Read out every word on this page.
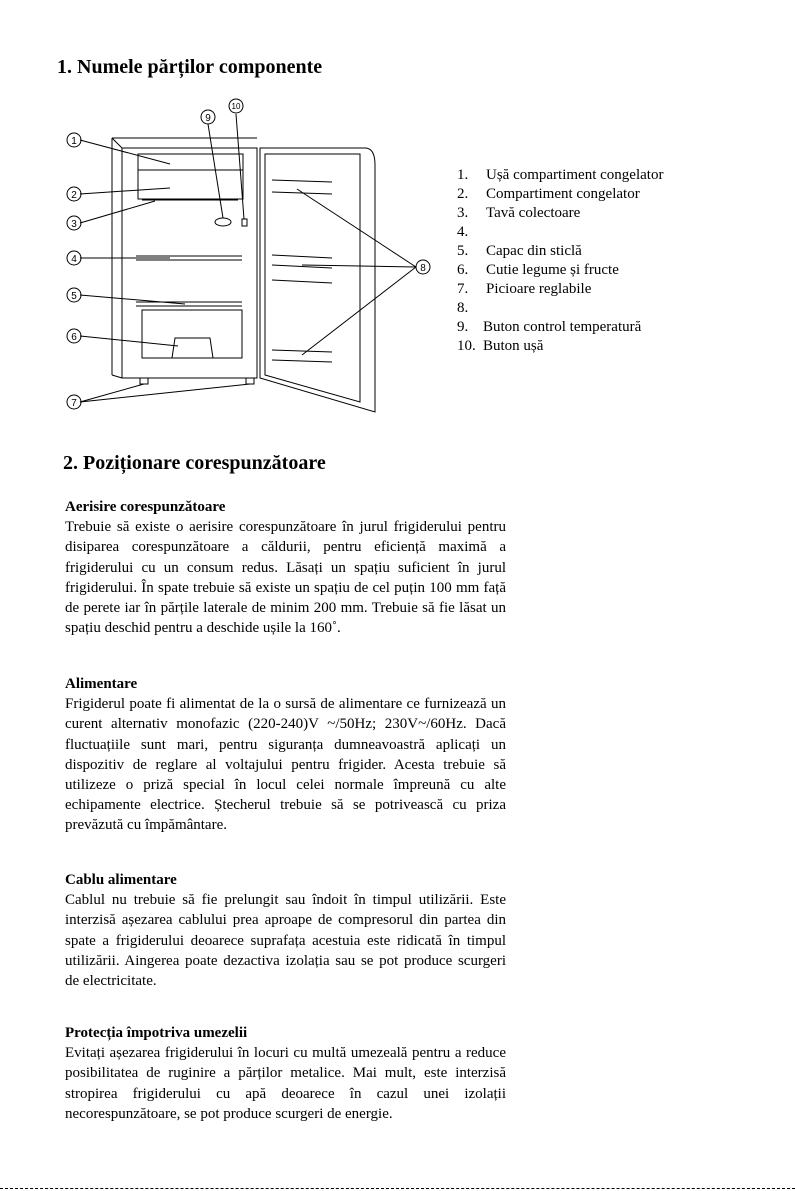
1. Numele părților componente
1
2
3
4
5
6
7
8
9
10
1. Ușă compartiment congelator
2. Compartiment congelator
3. Tavă colectoare
4.
5. Capac din sticlă
6. Cutie legume și fructe
7. Picioare reglabile
8.
9. Buton control temperatură
10. Buton ușă
2. Poziționare corespunzătoare
Aerisire corespunzătoare

Trebuie să existe o aerisire corespunzătoare în jurul frigiderului pentru disiparea corespunzătoare a căldurii, pentru eficiență maximă a frigiderului cu un consum redus. Lăsați un spațiu suficient în jurul frigiderului. În spate trebuie să existe un spațiu de cel puțin 100 mm față de perete iar în părțile laterale de minim 200 mm. Trebuie să fie lăsat un spațiu deschid pentru a deschide ușile la 160˚.

Alimentare

Frigiderul poate fi alimentat de la o sursă de alimentare ce furnizează un curent alternativ monofazic (220-240)V ~/50Hz; 230V~/60Hz. Dacă fluctuațiile sunt mari, pentru siguranța dumneavoastră aplicați un dispozitiv de reglare al voltajului pentru frigider. Acesta trebuie să utilizeze o priză special în locul celei normale împreună cu alte echipamente electrice. Ștecherul trebuie să se potrivească cu priza prevăzută cu împământare.

Cablu alimentare

Cablul nu trebuie să fie prelungit sau îndoit în timpul utilizării. Este interzisă așezarea cablului prea aproape de compresorul din partea din spate a frigiderului deoarece suprafața acestuia este ridicată în timpul utilizării. Aingerea poate dezactiva izolația sau se pot produce scurgeri de electricitate.

Protecția împotriva umezelii

Evitați așezarea frigiderului în locuri cu multă umezeală pentru a reduce posibilitatea de ruginire a părților metalice. Mai mult, este interzisă stropirea frigiderului cu apă deoarece în cazul unei izolații necorespunzătoare, se pot produce scurgeri de energie.
